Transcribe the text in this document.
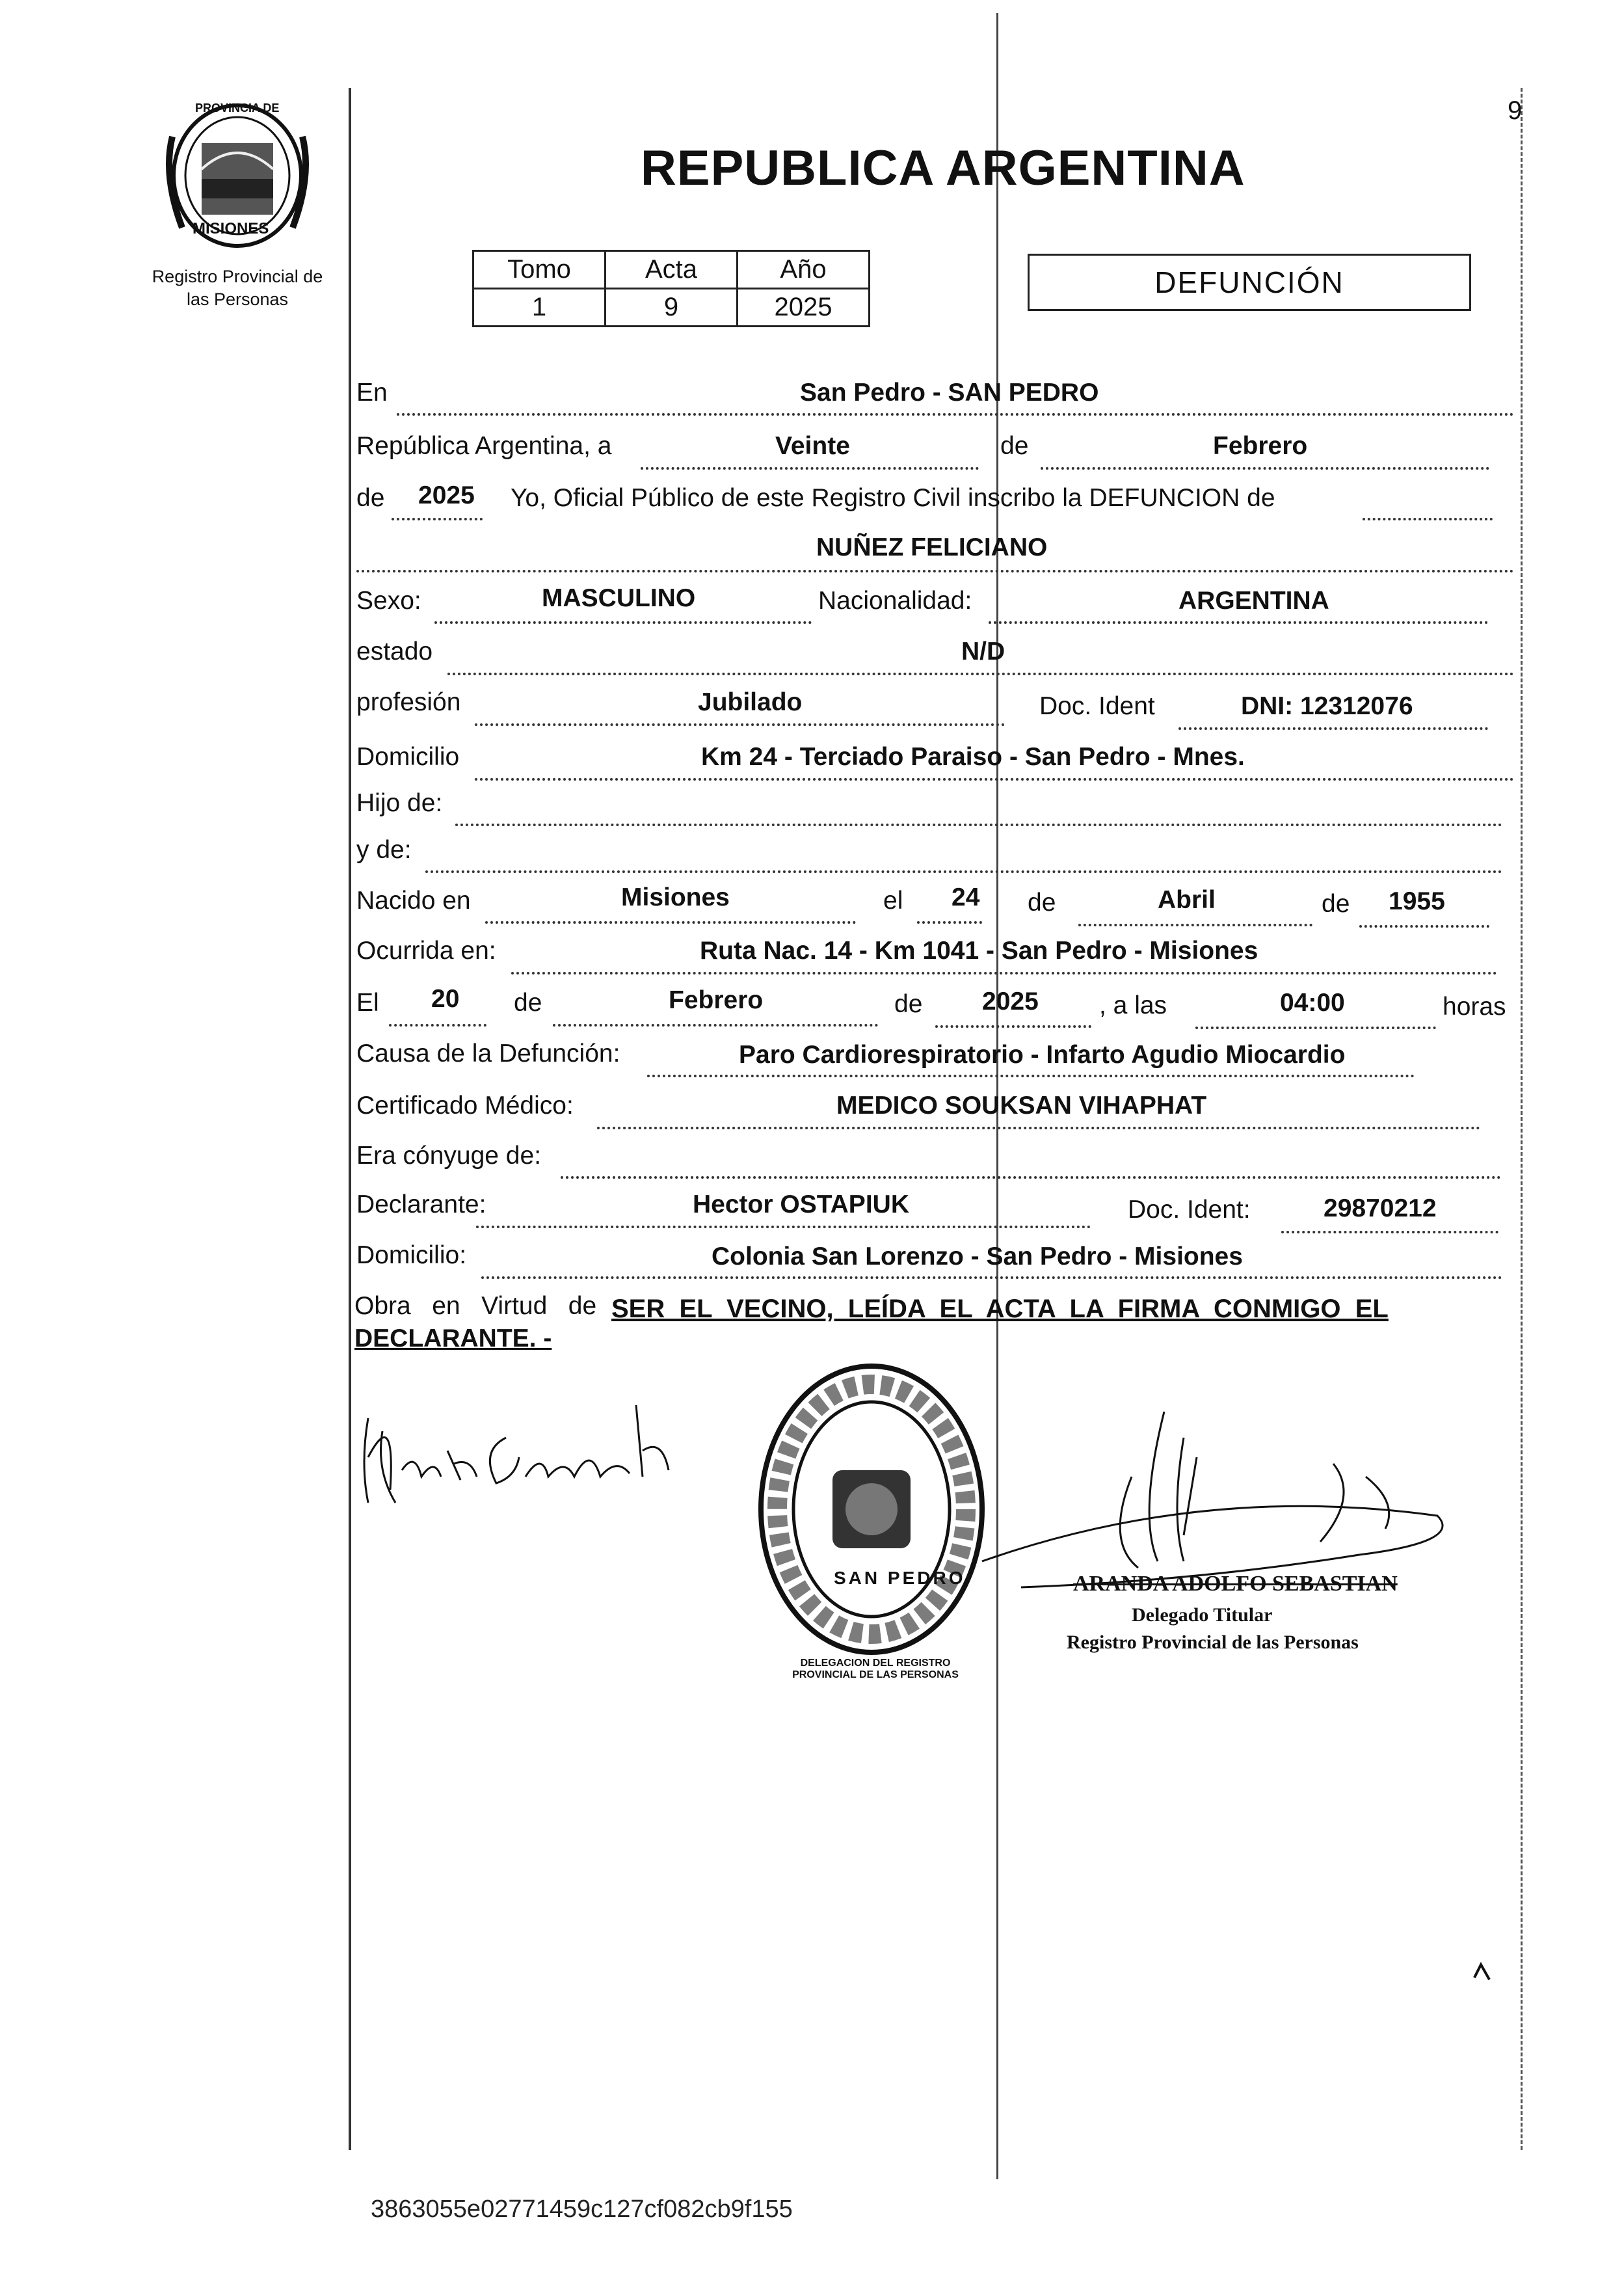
9
Registro Provincial de
las Personas
PROVINCIA DE
MISIONES
REPUBLICA ARGENTINA
Tomo	Acta	Año
1	9	2025
DEFUNCIÓN
En	San Pedro - SAN PEDRO
República Argentina, a	Veinte	de	Febrero
de 2025 Yo, Oficial Público de este Registro Civil inscribo la DEFUNCION de
NUÑEZ FELICIANO
Sexo:	MASCULINO	Nacionalidad:	ARGENTINA
estado	N/D
profesión	Jubilado	Doc. Ident	DNI: 12312076
Domicilio	Km 24 - Terciado Paraiso - San Pedro - Mnes.
Hijo de:
y de:
Nacido en	Misiones	el 24 de	Abril	de 1955
Ocurrida en:	Ruta Nac. 14 - Km 1041 - San Pedro - Misiones
El 20 de	Febrero	de 2025 , a las	04:00	horas
Causa de la Defunción:	Paro Cardiorespiratorio - Infarto Agudio Miocardio
Certificado Médico:	MEDICO SOUKSAN VIHAPHAT
Era cónyuge de:
Declarante:	Hector OSTAPIUK	Doc. Ident:	29870212
Domicilio:	Colonia San Lorenzo - San Pedro - Misiones
Obra   en   Virtud   de SER  EL  VECINO,  LEÍDA  EL  ACTA  LA  FIRMA  CONMIGO  EL
DECLARANTE. -
Hector Ostapiuk
DELEGACION DEL REGISTRO PROVINCIAL DE LAS PERSONAS
SAN PEDRO	ARANDA ADOLFO SEBASTIAN
Delegado Titular
Registro Provincial de las Personas
3863055e02771459c127cf082cb9f155
